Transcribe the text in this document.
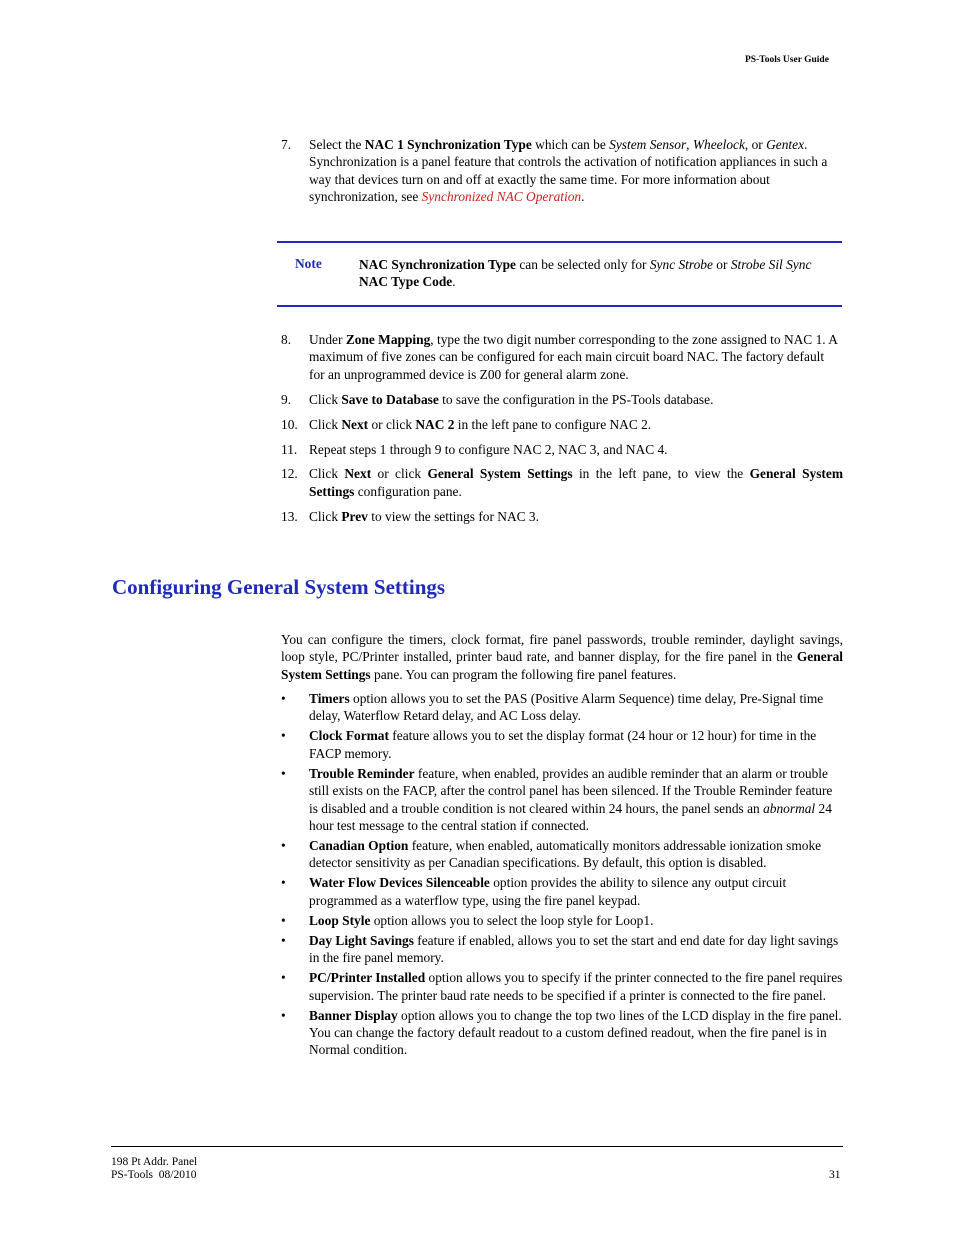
PS-Tools User Guide
7. Select the NAC 1 Synchronization Type which can be System Sensor, Wheelock, or Gentex. Synchronization is a panel feature that controls the activation of notification appliances in such a way that devices turn on and off at exactly the same time. For more information about synchronization, see Synchronized NAC Operation.
Note	NAC Synchronization Type can be selected only for Sync Strobe or Strobe Sil Sync NAC Type Code.
8. Under Zone Mapping, type the two digit number corresponding to the zone assigned to NAC 1. A maximum of five zones can be configured for each main circuit board NAC. The factory default for an unprogrammed device is Z00 for general alarm zone.
9. Click Save to Database to save the configuration in the PS-Tools database.
10. Click Next or click NAC 2 in the left pane to configure NAC 2.
11. Repeat steps 1 through 9 to configure NAC 2, NAC 3, and NAC 4.
12. Click Next or click General System Settings in the left pane, to view the General System Settings configuration pane.
13. Click Prev to view the settings for NAC 3.
Configuring General System Settings
You can configure the timers, clock format, fire panel passwords, trouble reminder, daylight savings, loop style, PC/Printer installed, printer baud rate, and banner display, for the fire panel in the General System Settings pane. You can program the following fire panel features.
• Timers option allows you to set the PAS (Positive Alarm Sequence) time delay, Pre-Signal time delay, Waterflow Retard delay, and AC Loss delay.
• Clock Format feature allows you to set the display format (24 hour or 12 hour) for time in the FACP memory.
• Trouble Reminder feature, when enabled, provides an audible reminder that an alarm or trouble still exists on the FACP, after the control panel has been silenced. If the Trouble Reminder feature is disabled and a trouble condition is not cleared within 24 hours, the panel sends an abnormal 24 hour test message to the central station if connected.
• Canadian Option feature, when enabled, automatically monitors addressable ionization smoke detector sensitivity as per Canadian specifications. By default, this option is disabled.
• Water Flow Devices Silenceable option provides the ability to silence any output circuit programmed as a waterflow type, using the fire panel keypad.
• Loop Style option allows you to select the loop style for Loop1.
• Day Light Savings feature if enabled, allows you to set the start and end date for day light savings in the fire panel memory.
• PC/Printer Installed option allows you to specify if the printer connected to the fire panel requires supervision. The printer baud rate needs to be specified if a printer is connected to the fire panel.
• Banner Display option allows you to change the top two lines of the LCD display in the fire panel. You can change the factory default readout to a custom defined readout, when the fire panel is in Normal condition.
198 Pt Addr. Panel
PS-Tools  08/2010	31
